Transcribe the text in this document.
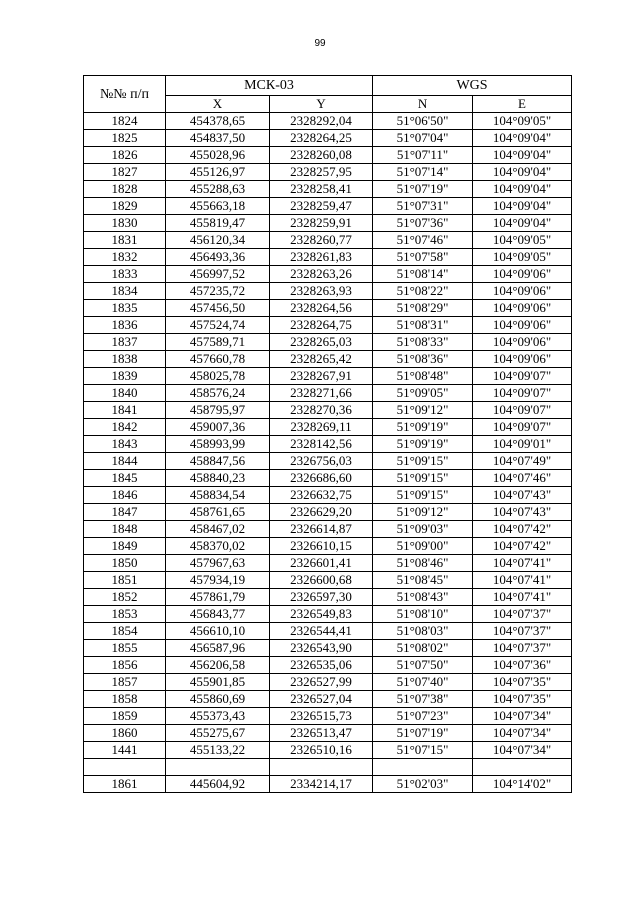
99
№№ п/п	МСК-03		WGS	
	X	Y	N	E
1824	454378,65	2328292,04	51°06'50"	104°09'05"
1825	454837,50	2328264,25	51°07'04"	104°09'04"
1826	455028,96	2328260,08	51°07'11"	104°09'04"
1827	455126,97	2328257,95	51°07'14"	104°09'04"
1828	455288,63	2328258,41	51°07'19"	104°09'04"
1829	455663,18	2328259,47	51°07'31"	104°09'04"
1830	455819,47	2328259,91	51°07'36"	104°09'04"
1831	456120,34	2328260,77	51°07'46"	104°09'05"
1832	456493,36	2328261,83	51°07'58"	104°09'05"
1833	456997,52	2328263,26	51°08'14"	104°09'06"
1834	457235,72	2328263,93	51°08'22"	104°09'06"
1835	457456,50	2328264,56	51°08'29"	104°09'06"
1836	457524,74	2328264,75	51°08'31"	104°09'06"
1837	457589,71	2328265,03	51°08'33"	104°09'06"
1838	457660,78	2328265,42	51°08'36"	104°09'06"
1839	458025,78	2328267,91	51°08'48"	104°09'07"
1840	458576,24	2328271,66	51°09'05"	104°09'07"
1841	458795,97	2328270,36	51°09'12"	104°09'07"
1842	459007,36	2328269,11	51°09'19"	104°09'07"
1843	458993,99	2328142,56	51°09'19"	104°09'01"
1844	458847,56	2326756,03	51°09'15"	104°07'49"
1845	458840,23	2326686,60	51°09'15"	104°07'46"
1846	458834,54	2326632,75	51°09'15"	104°07'43"
1847	458761,65	2326629,20	51°09'12"	104°07'43"
1848	458467,02	2326614,87	51°09'03"	104°07'42"
1849	458370,02	2326610,15	51°09'00"	104°07'42"
1850	457967,63	2326601,41	51°08'46"	104°07'41"
1851	457934,19	2326600,68	51°08'45"	104°07'41"
1852	457861,79	2326597,30	51°08'43"	104°07'41"
1853	456843,77	2326549,83	51°08'10"	104°07'37"
1854	456610,10	2326544,41	51°08'03"	104°07'37"
1855	456587,96	2326543,90	51°08'02"	104°07'37"
1856	456206,58	2326535,06	51°07'50"	104°07'36"
1857	455901,85	2326527,99	51°07'40"	104°07'35"
1858	455860,69	2326527,04	51°07'38"	104°07'35"
1859	455373,43	2326515,73	51°07'23"	104°07'34"
1860	455275,67	2326513,47	51°07'19"	104°07'34"
1441	455133,22	2326510,16	51°07'15"	104°07'34"

1861	445604,92	2334214,17	51°02'03"	104°14'02"
